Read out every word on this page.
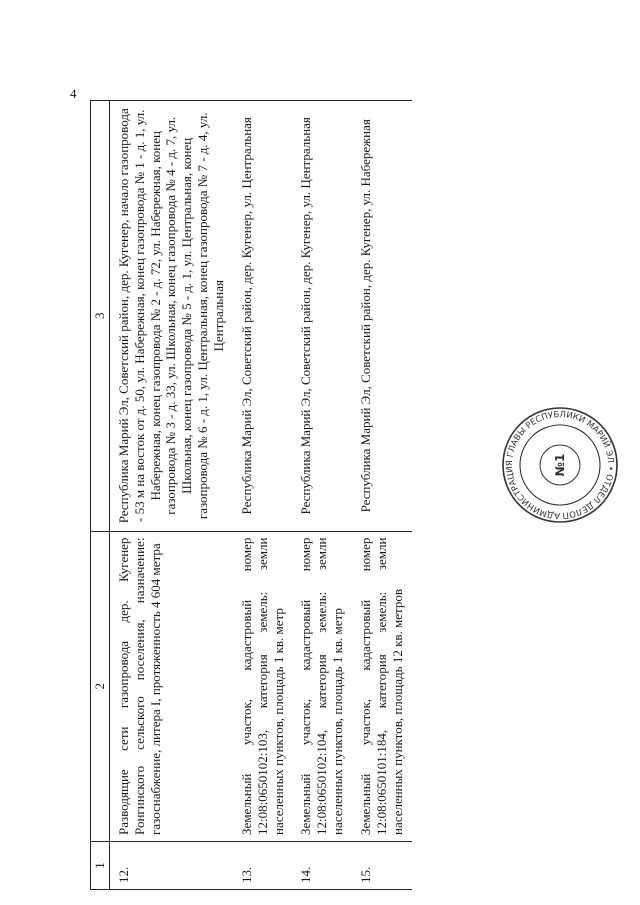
4
1	2	3
12.	Разводящие сети газопровода дер. Кугенер Ронгинского сельского поселения, назначение: газоснабжение, литера I, протяженность 4 604 метра	Республика Марий Эл, Советский район, дер. Кугенер, начало газопровода - 53 м на восток от д. 50, ул. Набережная, конец газопровода № 1 - д. 1, ул. Набережная, конец газопровода № 2 - д. 72, ул. Набережная, конец газопровода № 3 - д. 33, ул. Школьная, конец газопровода № 4 - д. 7, ул. Школьная, конец газопровода № 5 - д. 1, ул. Центральная, конец газопровода № 6 - д. 1, ул. Центральная, конец газопровода № 7 - д. 4, ул. Центральная
13.	Земельный участок, кадастровый номер 12:08:0650102:103, категория земель: земли населенных пунктов, площадь 1 кв. метр	Республика Марий Эл, Советский район, дер. Кугенер, ул. Центральная
14.	Земельный участок, кадастровый номер 12:08:0650102:104, категория земель: земли населенных пунктов, площадь 1 кв. метр	Республика Марий Эл, Советский район, дер. Кугенер, ул. Центральная
15.	Земельный участок, кадастровый номер 12:08:0650101:184, категория земель: земли населенных пунктов, площадь 12 кв. метров	Республика Марий Эл, Советский район, дер. Кугенер, ул. Набережная
АДМИНИСТРАЦИЯ ГЛАВЫ РЕСПУБЛИКИ МАРИЙ ЭЛ • ОТДЕЛ ДЕЛОП
№1
